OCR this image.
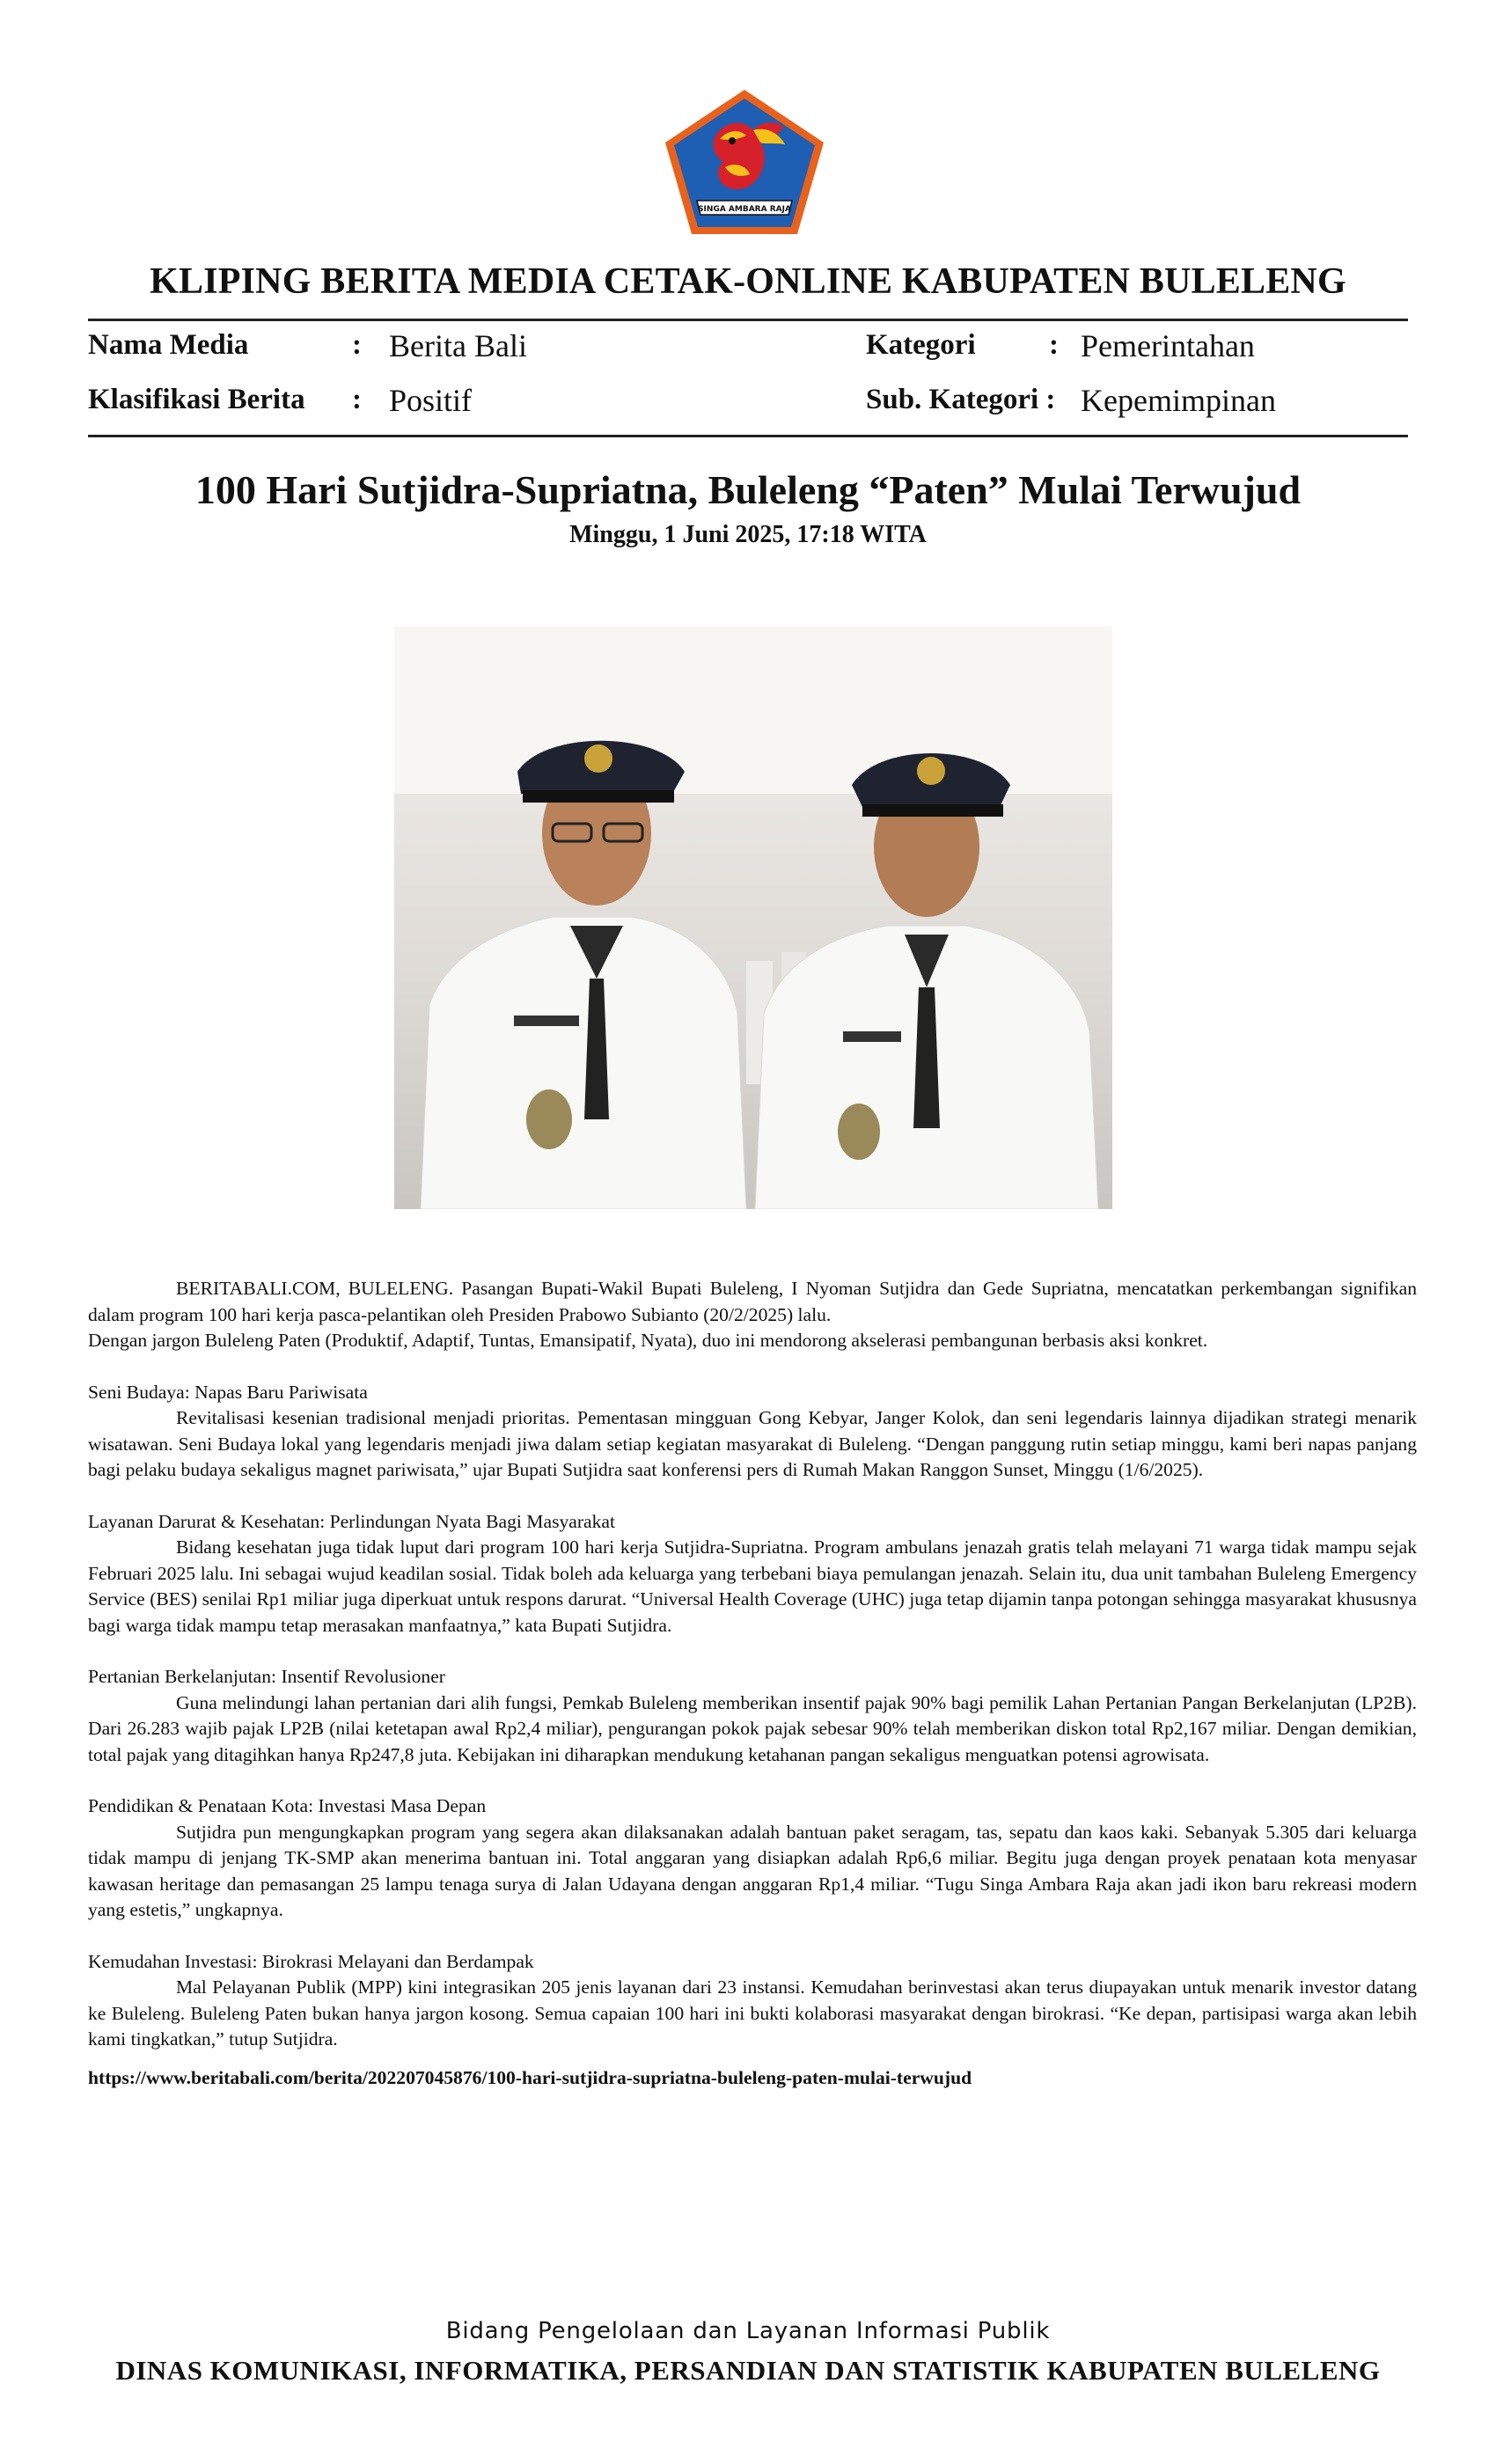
SINGA AMBARA RAJA
KLIPING BERITA MEDIA CETAK-ONLINE KABUPATEN BULELENG
Nama Media	: Berita Bali
Klasifikasi Berita : Positif
Kategori	: Pemerintahan
Sub. Kategori : Kepemimpinan
100 Hari Sutjidra-Supriatna, Buleleng “Paten” Mulai Terwujud
Minggu, 1 Juni 2025, 17:18 WITA

BERITABALI.COM, BULELENG. Pasangan Bupati-Wakil Bupati Buleleng, I Nyoman Sutjidra dan Gede Supriatna, mencatatkan perkembangan signifikan dalam program 100 hari kerja pasca-pelantikan oleh Presiden Prabowo Subianto (20/2/2025) lalu.

Dengan jargon Buleleng Paten (Produktif, Adaptif, Tuntas, Emansipatif, Nyata), duo ini mendorong akselerasi pembangunan berbasis aksi konkret.

Seni Budaya: Napas Baru Pariwisata

Revitalisasi kesenian tradisional menjadi prioritas. Pementasan mingguan Gong Kebyar, Janger Kolok, dan seni legendaris lainnya dijadikan strategi menarik wisatawan. Seni Budaya lokal yang legendaris menjadi jiwa dalam setiap kegiatan masyarakat di Buleleng. “Dengan panggung rutin setiap minggu, kami beri napas panjang bagi pelaku budaya sekaligus magnet pariwisata,” ujar Bupati Sutjidra saat konferensi pers di Rumah Makan Ranggon Sunset, Minggu (1/6/2025).

Layanan Darurat & Kesehatan: Perlindungan Nyata Bagi Masyarakat

Bidang kesehatan juga tidak luput dari program 100 hari kerja Sutjidra-Supriatna. Program ambulans jenazah gratis telah melayani 71 warga tidak mampu sejak Februari 2025 lalu. Ini sebagai wujud keadilan sosial. Tidak boleh ada keluarga yang terbebani biaya pemulangan jenazah. Selain itu, dua unit tambahan Buleleng Emergency Service (BES) senilai Rp1 miliar juga diperkuat untuk respons darurat. “Universal Health Coverage (UHC) juga tetap dijamin tanpa potongan sehingga masyarakat khususnya bagi warga tidak mampu tetap merasakan manfaatnya,” kata Bupati Sutjidra.

Pertanian Berkelanjutan: Insentif Revolusioner

Guna melindungi lahan pertanian dari alih fungsi, Pemkab Buleleng memberikan insentif pajak 90% bagi pemilik Lahan Pertanian Pangan Berkelanjutan (LP2B). Dari 26.283 wajib pajak LP2B (nilai ketetapan awal Rp2,4 miliar), pengurangan pokok pajak sebesar 90% telah memberikan diskon total Rp2,167 miliar. Dengan demikian, total pajak yang ditagihkan hanya Rp247,8 juta. Kebijakan ini diharapkan mendukung ketahanan pangan sekaligus menguatkan potensi agrowisata.

Pendidikan & Penataan Kota: Investasi Masa Depan

Sutjidra pun mengungkapkan program yang segera akan dilaksanakan adalah bantuan paket seragam, tas, sepatu dan kaos kaki. Sebanyak 5.305 dari keluarga tidak mampu di jenjang TK-SMP akan menerima bantuan ini. Total anggaran yang disiapkan adalah Rp6,6 miliar. Begitu juga dengan proyek penataan kota menyasar kawasan heritage dan pemasangan 25 lampu tenaga surya di Jalan Udayana dengan anggaran Rp1,4 miliar. “Tugu Singa Ambara Raja akan jadi ikon baru rekreasi modern yang estetis,” ungkapnya.

Kemudahan Investasi: Birokrasi Melayani dan Berdampak

Mal Pelayanan Publik (MPP) kini integrasikan 205 jenis layanan dari 23 instansi. Kemudahan berinvestasi akan terus diupayakan untuk menarik investor datang ke Buleleng. Buleleng Paten bukan hanya jargon kosong. Semua capaian 100 hari ini bukti kolaborasi masyarakat dengan birokrasi. “Ke depan, partisipasi warga akan lebih kami tingkatkan,” tutup Sutjidra.

https://www.beritabali.com/berita/202207045876/100-hari-sutjidra-supriatna-buleleng-paten-mulai-terwujud

Bidang Pengelolaan dan Layanan Informasi Publik
DINAS KOMUNIKASI, INFORMATIKA, PERSANDIAN DAN STATISTIK KABUPATEN BULELENG
